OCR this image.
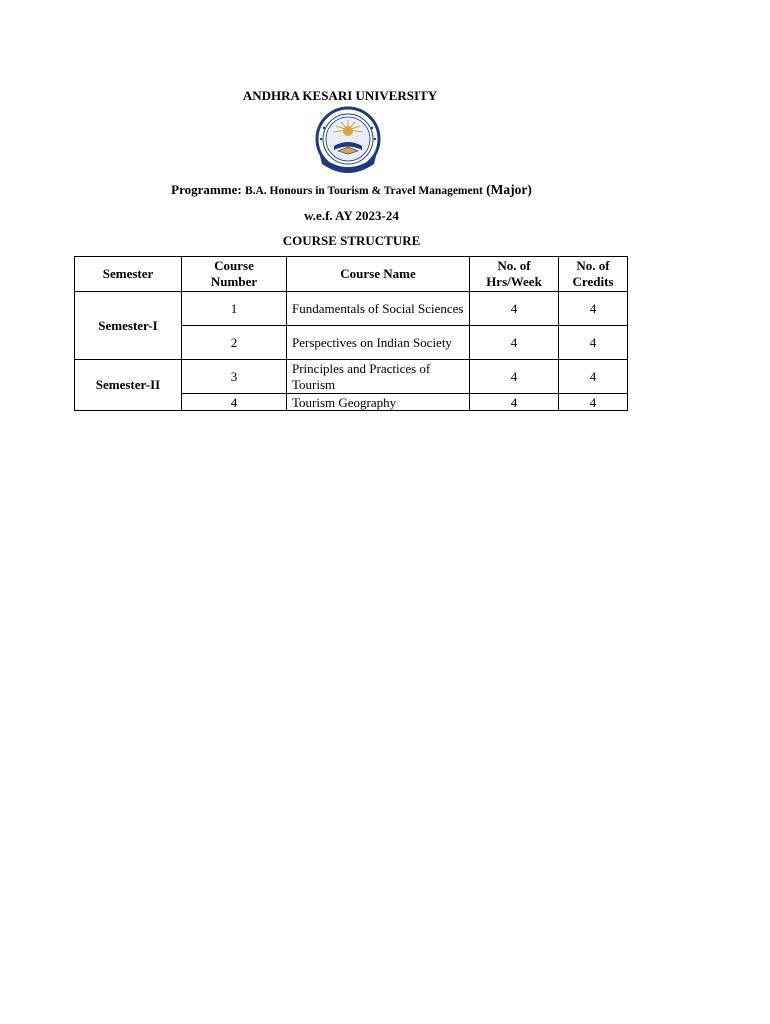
ANDHRA KESARI UNIVERSITY
Programme: B.A. Honours in Tourism & Travel Management (Major)
w.e.f. AY 2023-24
COURSE STRUCTURE
Semester	Course Number	Course Name	No. of Hrs/Week	No. of Credits

Semester-I	1	Fundamentals of Social Sciences	4	4
	2	Perspectives on Indian Society	4	4
Semester-II	3	Principles and Practices of Tourism	4	4
	4	Tourism Geography	4	4
